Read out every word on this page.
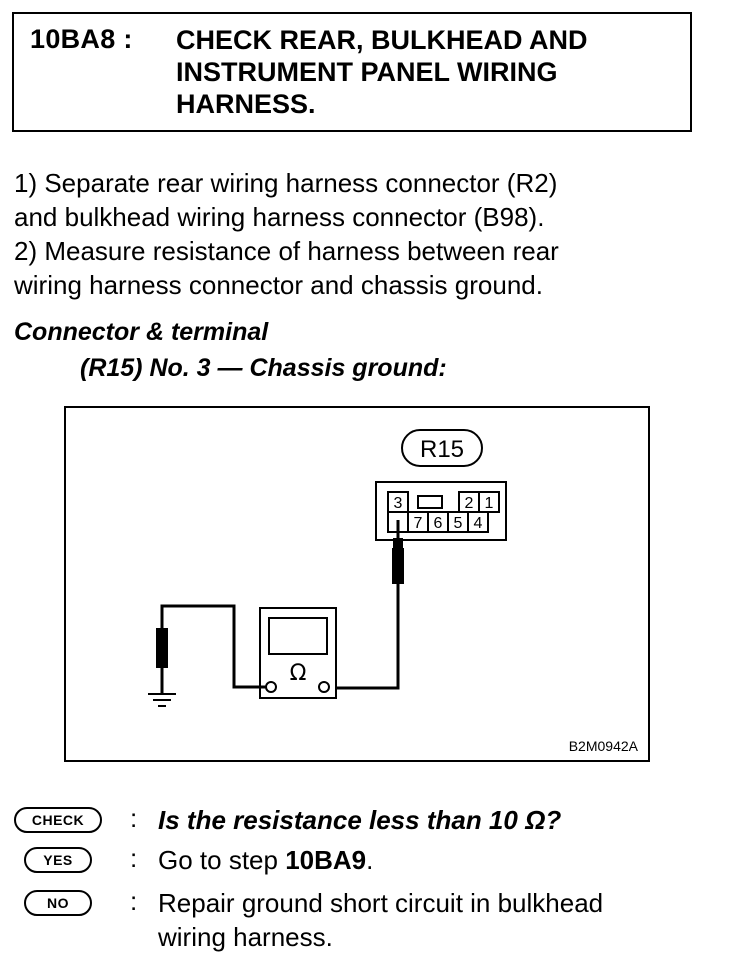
10BA8 : CHECK REAR, BULKHEAD AND
INSTRUMENT PANEL WIRING
HARNESS.
1) Separate rear wiring harness connector (R2)
and bulkhead wiring harness connector (B98).
2) Measure resistance of harness between rear
wiring harness connector and chassis ground.
Connector & terminal
(R15) No. 3 — Chassis ground:
R15
3	2 1
7 6 5 4
Ω
B2M0942A
CHECK	: Is the resistance less than 10 Ω?
YES	: Go to step 10BA9.
NO	: Repair ground short circuit in bulkhead
wiring harness.
